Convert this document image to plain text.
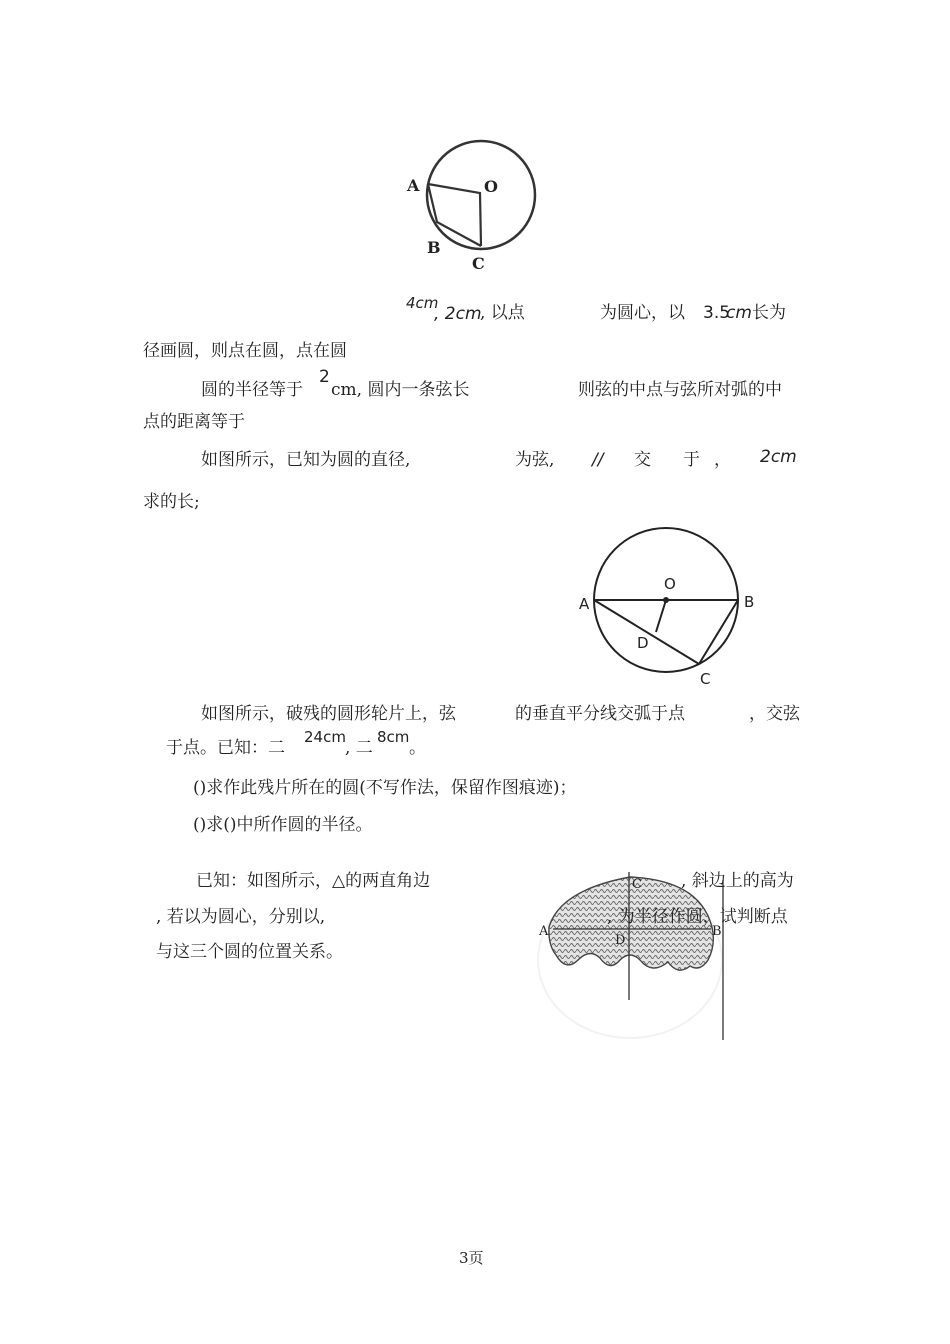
A	O
B
C
4cm
, 2cm
, 以点	为圆心，以 3.5
cm 长为
径画圆，则点在圆，点在圆
圆的半径等于
2
cm, 圆内一条弦长	则弦的中点与弦所对弧的中
点的距离等于
如图所示，已知为圆的直径,	为弦, // 交 于 ， 2cm
求的长;
O
A	B
D
C
如图所示，破残的圆形轮片上，弦	的垂直平分线交弧于点	，交弦
于点。已知：二
24cm
, 二
8cm
。
()求作此残片所在的圆(不写作法，保留作图痕迹)；
()求()中所作圆的半径。
C
A
D
B
已知：如图所示，△的两直角边	, 斜边上的高为
, 若以为圆心，分别以,	, 为半径作圆，试判断点
与这三个圆的位置关系。
3页
